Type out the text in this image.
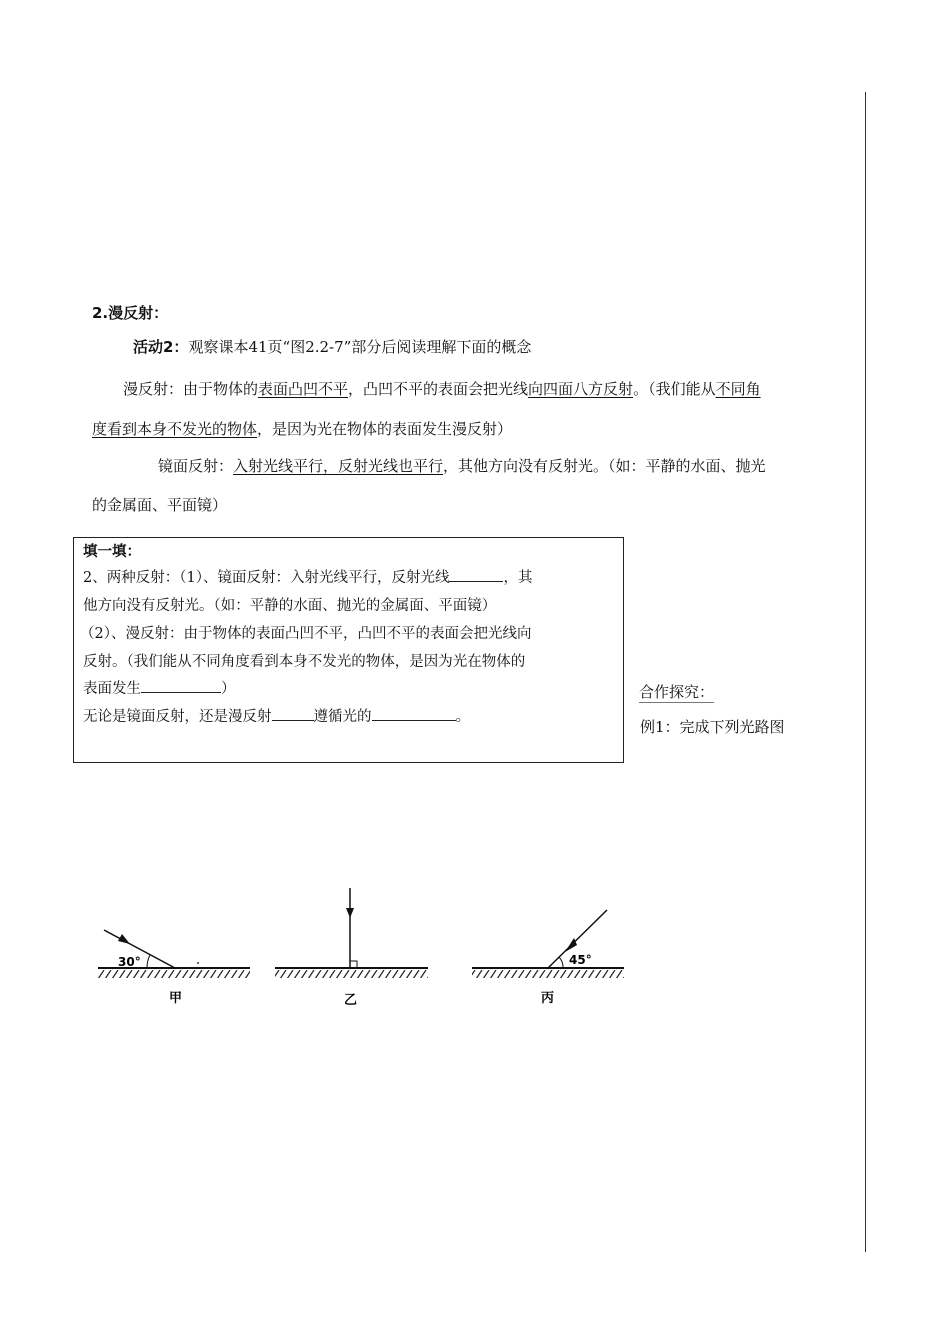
2.漫反射：
活动2：观察课本41页“图2.2-7”部分后阅读理解下面的概念
漫反射：由于物体的表面凸凹不平，凸凹不平的表面会把光线向四面八方反射。（我们能从不同角
度看到本身不发光的物体，是因为光在物体的表面发生漫反射）
镜面反射：入射光线平行，反射光线也平行，其他方向没有反射光。（如：平静的水面、抛光
的金属面、平面镜）
填一填：
2、两种反射：（1）、镜面反射：入射光线平行，反射光线	，其
他方向没有反射光。（如：平静的水面、抛光的金属面、平面镜）
（2）、漫反射：由于物体的表面凸凹不平，凸凹不平的表面会把光线向
反射。（我们能从不同角度看到本身不发光的物体，是因为光在物体的
表面发生	）
无论是镜面反射，还是漫反射	遵循光的	。
合作探究：
例1：完成下列光路图
30°	45°
甲	乙	丙
